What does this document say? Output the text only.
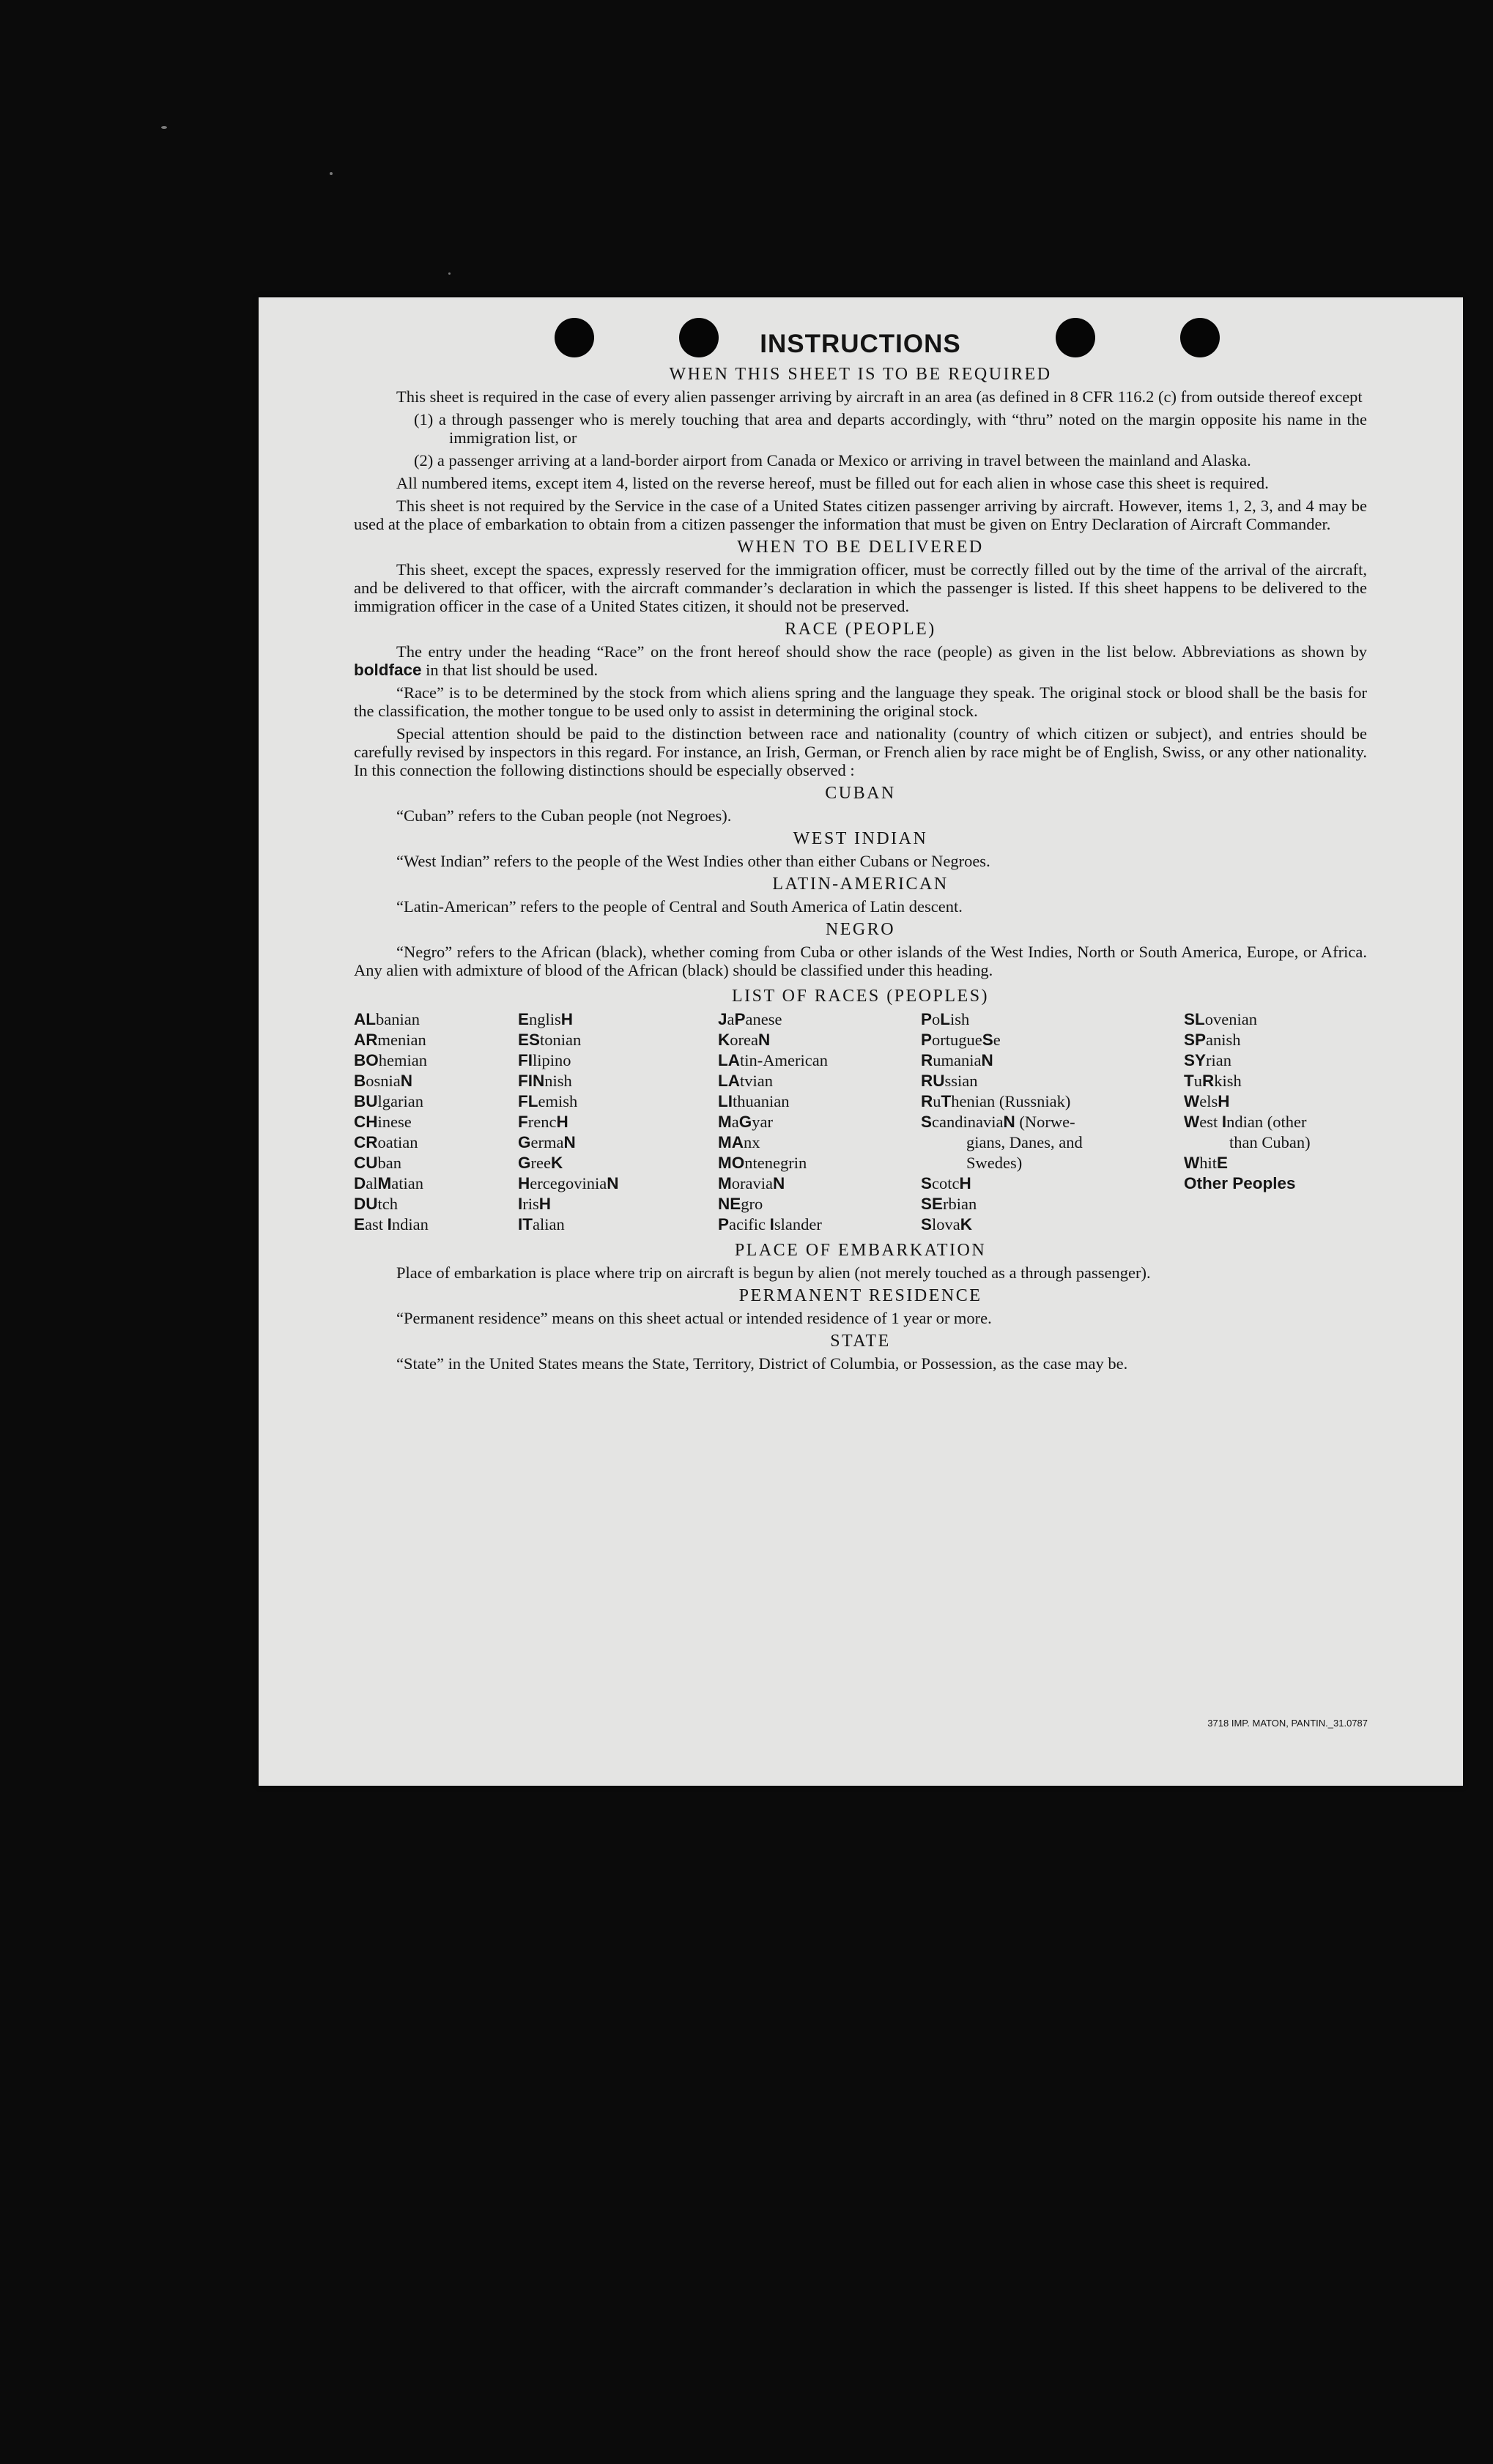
INSTRUCTIONS
WHEN THIS SHEET IS TO BE REQUIRED

This sheet is required in the case of every alien passenger arriving by aircraft in an area (as defined in 8 CFR 116.2 (c) from outside thereof except

(1) a through passenger who is merely touching that area and departs accordingly, with “thru” noted on the margin opposite his name in the immigration list, or

(2) a passenger arriving at a land-border airport from Canada or Mexico or arriving in travel between the mainland and Alaska.

All numbered items, except item 4, listed on the reverse hereof, must be filled out for each alien in whose case this sheet is required.

This sheet is not required by the Service in the case of a United States citizen passenger arriving by aircraft. However, items 1, 2, 3, and 4 may be used at the place of embarkation to obtain from a citizen passenger the information that must be given on Entry Declaration of Aircraft Commander.

WHEN TO BE DELIVERED

This sheet, except the spaces, expressly reserved for the immigration officer, must be correctly filled out by the time of the arrival of the aircraft, and be delivered to that officer, with the aircraft commander’s declaration in which the passenger is listed. If this sheet happens to be delivered to the immigration officer in the case of a United States citizen, it should not be preserved.

RACE (PEOPLE)

The entry under the heading “Race” on the front hereof should show the race (people) as given in the list below. Abbreviations as shown by boldface in that list should be used.

“Race” is to be determined by the stock from which aliens spring and the language they speak. The original stock or blood shall be the basis for the classification, the mother tongue to be used only to assist in determining the original stock.

Special attention should be paid to the distinction between race and nationality (country of which citizen or subject), and entries should be carefully revised by inspectors in this regard. For instance, an Irish, German, or French alien by race might be of English, Swiss, or any other nationality. In this connection the following distinctions should be especially observed :

CUBAN

“Cuban” refers to the Cuban people (not Negroes).

WEST INDIAN

“West Indian” refers to the people of the West Indies other than either Cubans or Negroes.

LATIN-AMERICAN

“Latin-American” refers to the people of Central and South America of Latin descent.

NEGRO

“Negro” refers to the African (black), whether coming from Cuba or other islands of the West Indies, North or South America, Europe, or Africa. Any alien with admixture of blood of the African (black) should be classified under this heading.

LIST OF RACES (PEOPLES)
ALbanian
ARmenian
BOhemian
BosniaN
BUlgarian
CHinese
CRoatian
CUban
DalMatian
DUtch
East Indian
EnglisH
EStonian
FIlipino
FINnish
FLemish
FrencH
GermaN
GreeK
HercegoviniaN
IrisH
ITalian
JaPanese
KoreaN
LAtin-American
LAtvian
LIthuanian
MaGyar
MAnx
MOntenegrin
MoraviaN
NEgro
Pacific Islander
PoLish
PortugueSe
RumaniaN
RUssian
RuThenian (Russniak)
ScandinaviaN (Norwe-
gians, Danes, and
Swedes)
ScotcH
SErbian
SlovaK
SLovenian
SPanish
SYrian
TuRkish
WelsH
West Indian (other
than Cuban)
WhitE
Other Peoples
PLACE OF EMBARKATION

Place of embarkation is place where trip on aircraft is begun by alien (not merely touched as a through passenger).

PERMANENT RESIDENCE

“Permanent residence” means on this sheet actual or intended residence of 1 year or more.

STATE

“State” in the United States means the State, Territory, District of Columbia, or Possession, as the case may be.

3718 IMP. MATON, PANTIN._31.0787
